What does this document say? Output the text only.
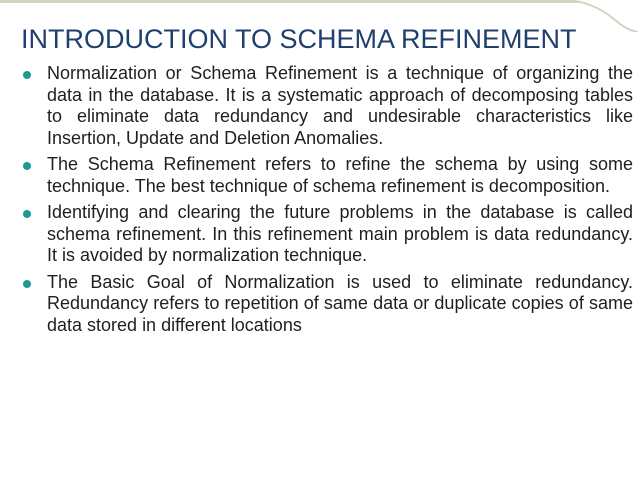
INTRODUCTION TO SCHEMA REFINEMENT

Normalization or Schema Refinement is a technique of organizing the data in the database. It is a systematic approach of decomposing tables to eliminate data redundancy and undesirable characteristics like Insertion, Update and Deletion Anomalies.

The Schema Refinement refers to refine the schema by using some technique. The best technique of schema refinement is decomposition.

Identifying and clearing the future problems in the database is called schema refinement. In this refinement main problem is data redundancy. It is avoided by normalization technique.

The Basic Goal of Normalization is used to eliminate redundancy. Redundancy refers to repetition of same data or duplicate copies of same data stored in different locations
